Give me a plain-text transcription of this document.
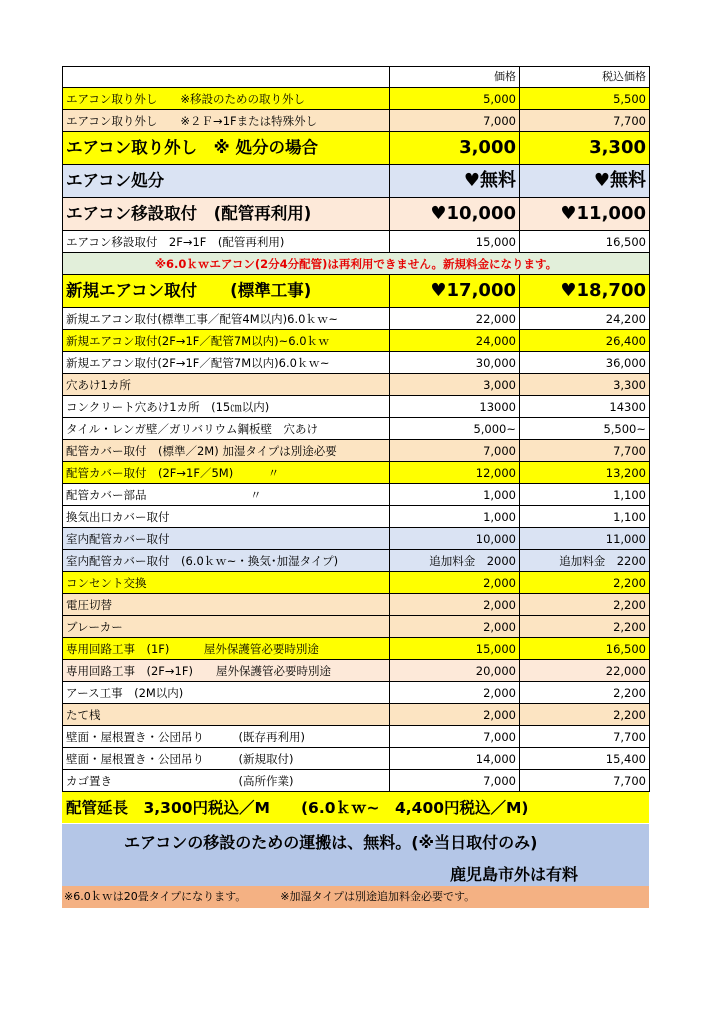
	価格	税込価格
エアコン取り外し　　※移設のための取り外し	5,000	5,500
エアコン取り外し　　※２Ｆ→1Fまたは特殊外し	7,000	7,700
エアコン取り外し　※ 処分の場合	3,000	3,300
エアコン処分	♥無料	♥無料
エアコン移設取付　(配管再利用)	♥10,000	♥11,000
エアコン移設取付　2F→1F　(配管再利用)	15,000	16,500
※6.0ｋｗエアコン(2分4分配管)は再利用できません。新規料金になります。		
新規エアコン取付　　(標準工事)	♥17,000	♥18,700
新規エアコン取付(標準工事／配管4M以内)6.0ｋｗ~	22,000	24,200
新規エアコン取付(2F→1F／配管7M以内)~6.0ｋｗ	24,000	26,400
新規エアコン取付(2F→1F／配管7M以内)6.0ｋｗ~	30,000	36,000
穴あけ1カ所	3,000	3,300
コンクリート穴あけ1カ所　(15㎝以内)	13000	14300
タイル・レンガ壁／ガリバリウム鋼板壁　穴あけ	5,000~	5,500~
配管カバー取付　(標準／2M) 加湿タイプは別途必要	7,000	7,700
配管カバー取付　(2F→1F／5M)　　　〃	12,000	13,200
配管カバー部品　　　　　　　　　〃	1,000	1,100
換気出口カバー取付	1,000	1,100
室内配管カバー取付	10,000	11,000
室内配管カバー取付　(6.0ｋｗ~・換気･加湿タイプ)	追加料金　2000	追加料金　2200
コンセント交換	2,000	2,200
電圧切替	2,000	2,200
ブレーカー	2,000	2,200
専用回路工事　(1F)　　　屋外保護管必要時別途	15,000	16,500
専用回路工事　(2F→1F)　　屋外保護管必要時別途	20,000	22,000
アース工事　(2M以内)	2,000	2,200
たて桟	2,000	2,200
壁面・屋根置き・公団吊り　　　(既存再利用)	7,000	7,700
壁面・屋根置き・公団吊り　　　(新規取付)	14,000	15,400
カゴ置き　　　　　　　　　　　(高所作業)	7,000	7,700
配管延長　3,300円税込／M　　(6.0ｋｗ~　4,400円税込／M)
エアコンの移設のための運搬は、無料。(※当日取付のみ)
鹿児島市外は有料
※6.0ｋｗは20畳タイプになります。	※加湿タイプは別途追加料金必要です。
